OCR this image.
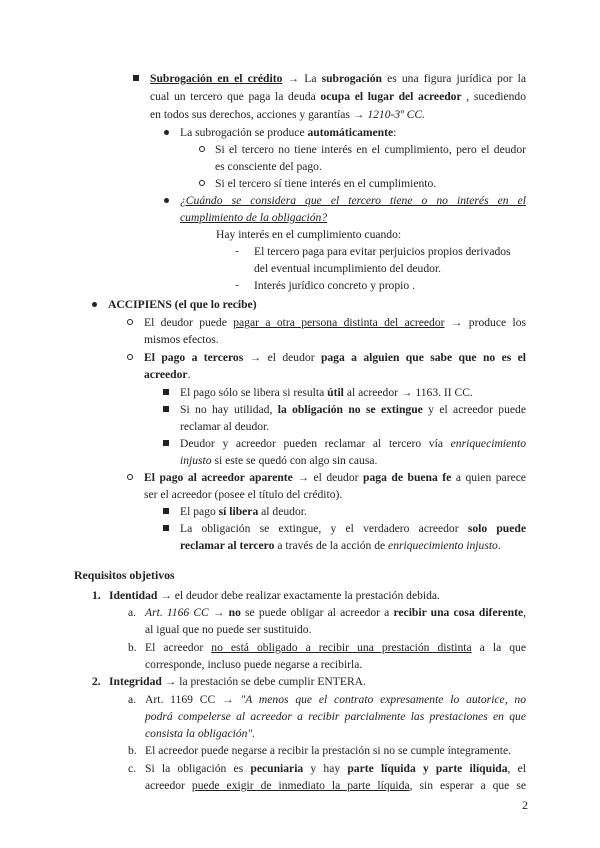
Subrogación en el crédito → La subrogación es una figura jurídica por la
cual un tercero que paga la deuda ocupa el lugar del acreedor , sucediendo
en todos sus derechos, acciones y garantías → 1210-3º CC.
La subrogación se produce automáticamente:
Si el tercero no tiene interés en el cumplimiento, pero el deudor
es consciente del pago.
Si el tercero sí tiene interés en el cumplimiento.
¿Cuándo se considera que el tercero tiene o no interés en el
cumplimiento de la obligación?
Hay interés en el cumplimiento cuando:
-	El tercero paga para evitar perjuicios propios derivados
del eventual incumplimiento del deudor.
-	Interés jurídico concreto y propio .
ACCIPIENS (el que lo recibe)
El deudor puede pagar a otra persona distinta del acreedor → produce los
mismos efectos.
El pago a terceros → el deudor paga a alguien que sabe que no es el
acreedor.
El pago sólo se libera si resulta útil al acreedor → 1163. II CC.
Si no hay utilidad, la obligación no se extingue y el acreedor puede
reclamar al deudor.
Deudor y acreedor pueden reclamar al tercero vía enriquecimiento
injusto si este se quedó con algo sin causa.
El pago al acreedor aparente → el deudor paga de buena fe a quien parece
ser el acreedor (posee el título del crédito).
El pago sí libera al deudor.
La obligación se extingue, y el verdadero acreedor solo puede
reclamar al tercero a través de la acción de enriquecimiento injusto.
Requisitos objetivos
1. Identidad → el deudor debe realizar exactamente la prestación debida.
a. Art. 1166 CC → no se puede obligar al acreedor a recibir una cosa diferente,
al igual que no puede ser sustituido.
b. El acreedor no está obligado a recibir una prestación distinta a la que
corresponde, incluso puede negarse a recibirla.
2. Integridad → la prestación se debe cumplir ENTERA.
a. Art. 1169 CC → "A menos que el contrato expresamente lo autorice, no
podrá compelerse al acreedor a recibir parcialmente las prestaciones en que
consista la obligación".
b. El acreedor puede negarse a recibir la prestación si no se cumple íntegramente.
c. Si la obligación es pecuniaria y hay parte líquida y parte ilíquida, el
acreedor puede exigir de inmediato la parte líquida, sin esperar a que se
2
